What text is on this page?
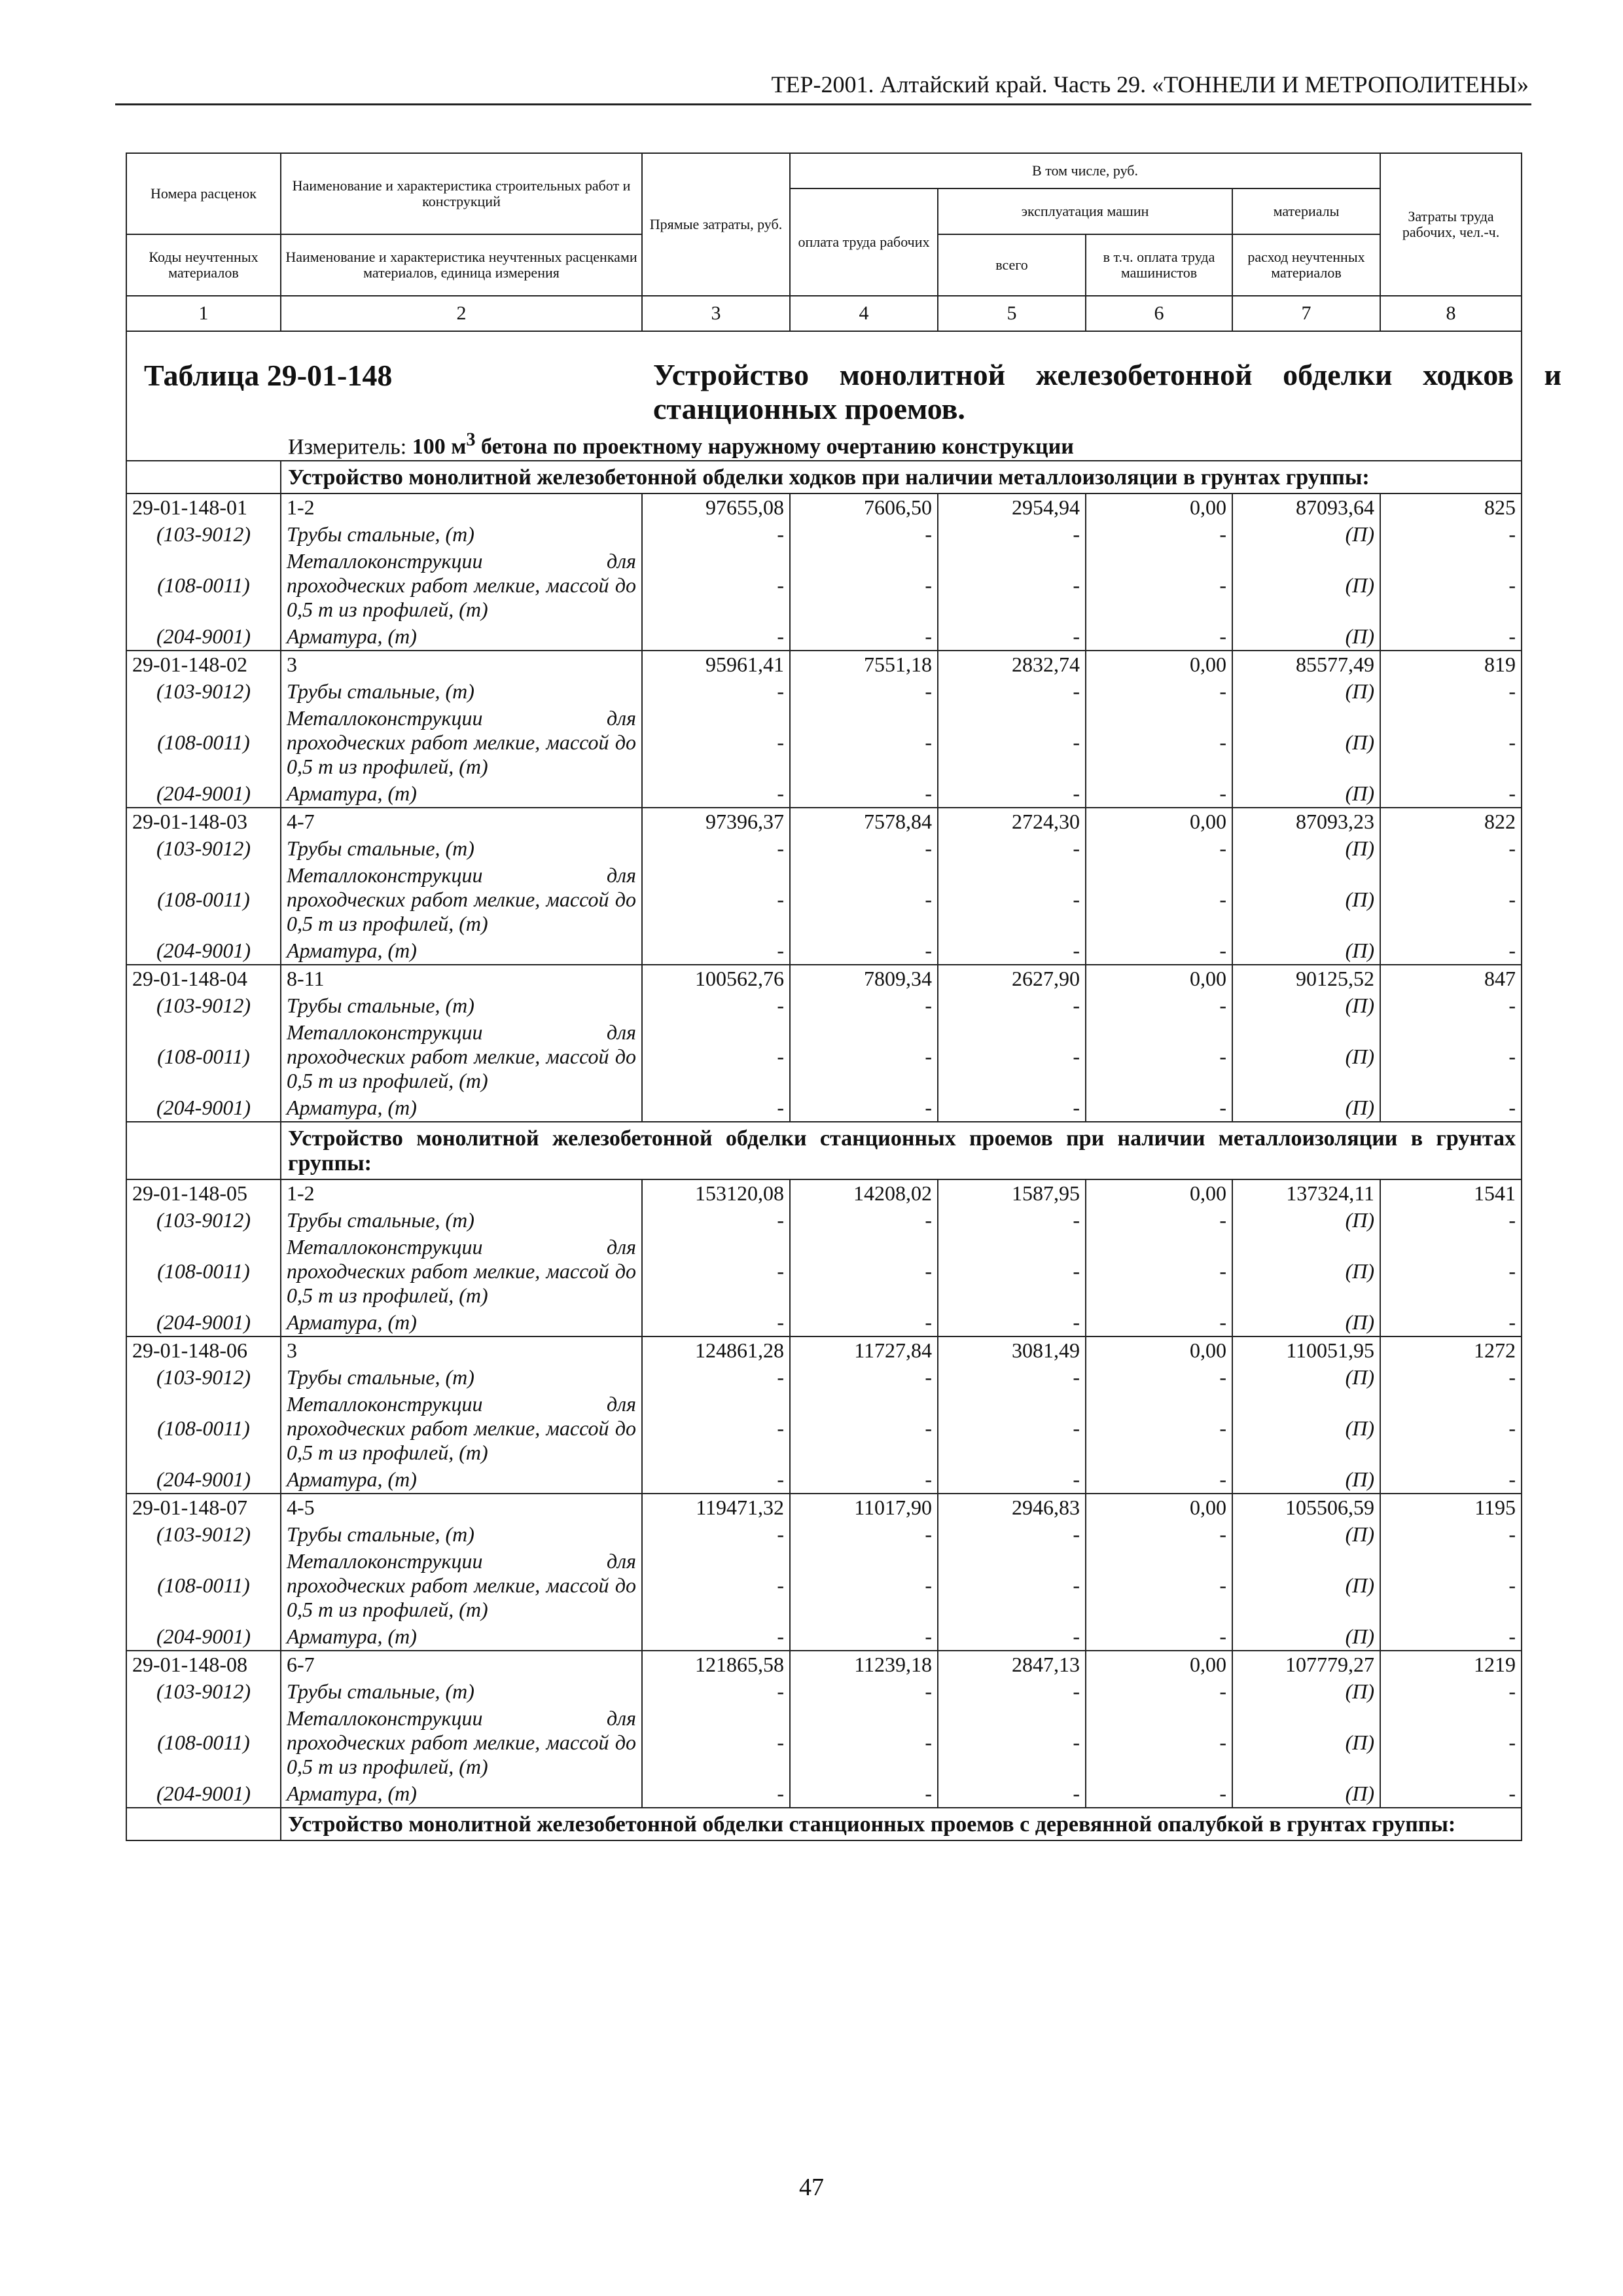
ТЕР-2001. Алтайский край. Часть 29. «ТОННЕЛИ И МЕТРОПОЛИТЕНЫ»
Номера расценок	Наименование и характеристика строительных работ и конструкций	Прямые затраты, руб.	В том числе, руб.				Затраты труда рабочих, чел.-ч.
			оплата труда рабочих	эксплуатация машин		материалы	
Коды неучтенных материалов	Наименование и характеристика неучтенных расценками материалов, единица измерения			всего	в т.ч. оплата труда машинистов	расход неучтенных материалов	
1	2	3	4	5	6	7	8

Таблица 29-01-148 Устройство монолитной железобетонной обделки ходков и станционных проемов.
Измеритель: 100 $м^3$ бетона по проектному наружному очертанию конструкции							

	Устройство монолитной железобетонной обделки ходков при наличии металлоизоляции в грунтах группы:						
29-01-148-01	1-2	97655,08	7606,50	2954,94	0,00	87093,64	825
(103-9012)	Трубы стальные, (т)	-	-	-	-	(П)	-
(108-0011)	Металлоконструкции для проходческих работ мелкие, массой до 0,5 т из профилей, (т)	-	-	-	-	(П)	-
(204-9001)	Арматура, (т)	-	-	-	-	(П)	-
29-01-148-02	3	95961,41	7551,18	2832,74	0,00	85577,49	819
(103-9012)	Трубы стальные, (т)	-	-	-	-	(П)	-
(108-0011)	Металлоконструкции для проходческих работ мелкие, массой до 0,5 т из профилей, (т)	-	-	-	-	(П)	-
(204-9001)	Арматура, (т)	-	-	-	-	(П)	-
29-01-148-03	4-7	97396,37	7578,84	2724,30	0,00	87093,23	822
(103-9012)	Трубы стальные, (т)	-	-	-	-	(П)	-
(108-0011)	Металлоконструкции для проходческих работ мелкие, массой до 0,5 т из профилей, (т)	-	-	-	-	(П)	-
(204-9001)	Арматура, (т)	-	-	-	-	(П)	-
29-01-148-04	8-11	100562,76	7809,34	2627,90	0,00	90125,52	847
(103-9012)	Трубы стальные, (т)	-	-	-	-	(П)	-
(108-0011)	Металлоконструкции для проходческих работ мелкие, массой до 0,5 т из профилей, (т)	-	-	-	-	(П)	-
(204-9001)	Арматура, (т)	-	-	-	-	(П)	-
	Устройство монолитной железобетонной обделки станционных проемов при наличии металлоизоляции в грунтах группы:						
29-01-148-05	1-2	153120,08	14208,02	1587,95	0,00	137324,11	1541
(103-9012)	Трубы стальные, (т)	-	-	-	-	(П)	-
(108-0011)	Металлоконструкции для проходческих работ мелкие, массой до 0,5 т из профилей, (т)	-	-	-	-	(П)	-
(204-9001)	Арматура, (т)	-	-	-	-	(П)	-
29-01-148-06	3	124861,28	11727,84	3081,49	0,00	110051,95	1272
(103-9012)	Трубы стальные, (т)	-	-	-	-	(П)	-
(108-0011)	Металлоконструкции для проходческих работ мелкие, массой до 0,5 т из профилей, (т)	-	-	-	-	(П)	-
(204-9001)	Арматура, (т)	-	-	-	-	(П)	-
29-01-148-07	4-5	119471,32	11017,90	2946,83	0,00	105506,59	1195
(103-9012)	Трубы стальные, (т)	-	-	-	-	(П)	-
(108-0011)	Металлоконструкции для проходческих работ мелкие, массой до 0,5 т из профилей, (т)	-	-	-	-	(П)	-
(204-9001)	Арматура, (т)	-	-	-	-	(П)	-
29-01-148-08	6-7	121865,58	11239,18	2847,13	0,00	107779,27	1219
(103-9012)	Трубы стальные, (т)	-	-	-	-	(П)	-
(108-0011)	Металлоконструкции для проходческих работ мелкие, массой до 0,5 т из профилей, (т)	-	-	-	-	(П)	-
(204-9001)	Арматура, (т)	-	-	-	-	(П)	-
	Устройство монолитной железобетонной обделки станционных проемов с деревянной опалубкой в грунтах группы:						
47
